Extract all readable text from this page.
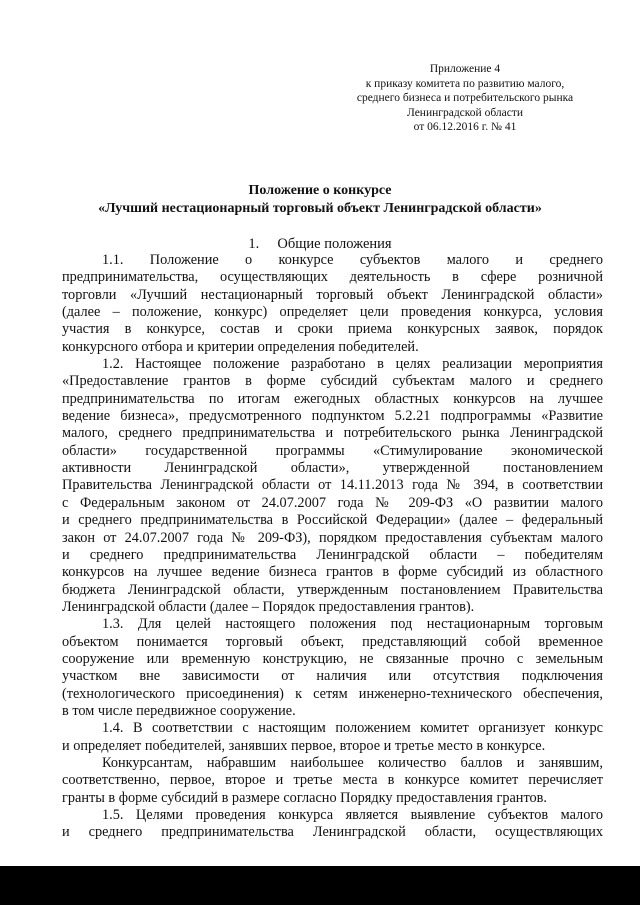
Приложение 4
к приказу комитета по развитию малого,
среднего бизнеса и потребительского рынка
Ленинградской области
от 06.12.2016 г. № 41
Положение о конкурсе
«Лучший нестационарный торговый объект Ленинградской области»
1.     Общие положения
1.1. Положение о конкурсе субъектов малого и среднего
предпринимательства, осуществляющих деятельность в сфере розничной
торговли «Лучший нестационарный торговый объект Ленинградской области»
(далее – положение, конкурс) определяет цели проведения конкурса, условия
участия в конкурсе, состав и сроки приема конкурсных заявок, порядок
конкурсного отбора и критерии определения победителей.
1.2. Настоящее положение разработано в целях реализации мероприятия
«Предоставление грантов в форме субсидий субъектам малого и среднего
предпринимательства по итогам ежегодных областных конкурсов на лучшее
ведение бизнеса», предусмотренного подпунктом 5.2.21 подпрограммы «Развитие
малого, среднего предпринимательства и потребительского рынка Ленинградской
области» государственной программы «Стимулирование экономической
активности Ленинградской области», утвержденной постановлением
Правительства Ленинградской области от 14.11.2013 года № 394, в соответствии
с Федеральным законом от 24.07.2007 года № 209-ФЗ «О развитии малого
и среднего предпринимательства в Российской Федерации» (далее – федеральный
закон от 24.07.2007 года № 209-ФЗ), порядком предоставления субъектам малого
и среднего предпринимательства Ленинградской области – победителям
конкурсов на лучшее ведение бизнеса грантов в форме субсидий из областного
бюджета Ленинградской области, утвержденным постановлением Правительства
Ленинградской области (далее – Порядок предоставления грантов).
1.3. Для целей настоящего положения под нестационарным торговым
объектом понимается торговый объект, представляющий собой временное
сооружение или временную конструкцию, не связанные прочно с земельным
участком вне зависимости от наличия или отсутствия подключения
(технологического присоединения) к сетям инженерно-технического обеспечения,
в том числе передвижное сооружение.
1.4. В соответствии с настоящим положением комитет организует конкурс
и определяет победителей, занявших первое, второе и третье место в конкурсе.
Конкурсантам, набравшим наибольшее количество баллов и занявшим,
соответственно, первое, второе и третье места в конкурсе комитет перечисляет
гранты в форме субсидий в размере согласно Порядку предоставления грантов.
1.5. Целями проведения конкурса является выявление субъектов малого
и среднего предпринимательства Ленинградской области, осуществляющих
